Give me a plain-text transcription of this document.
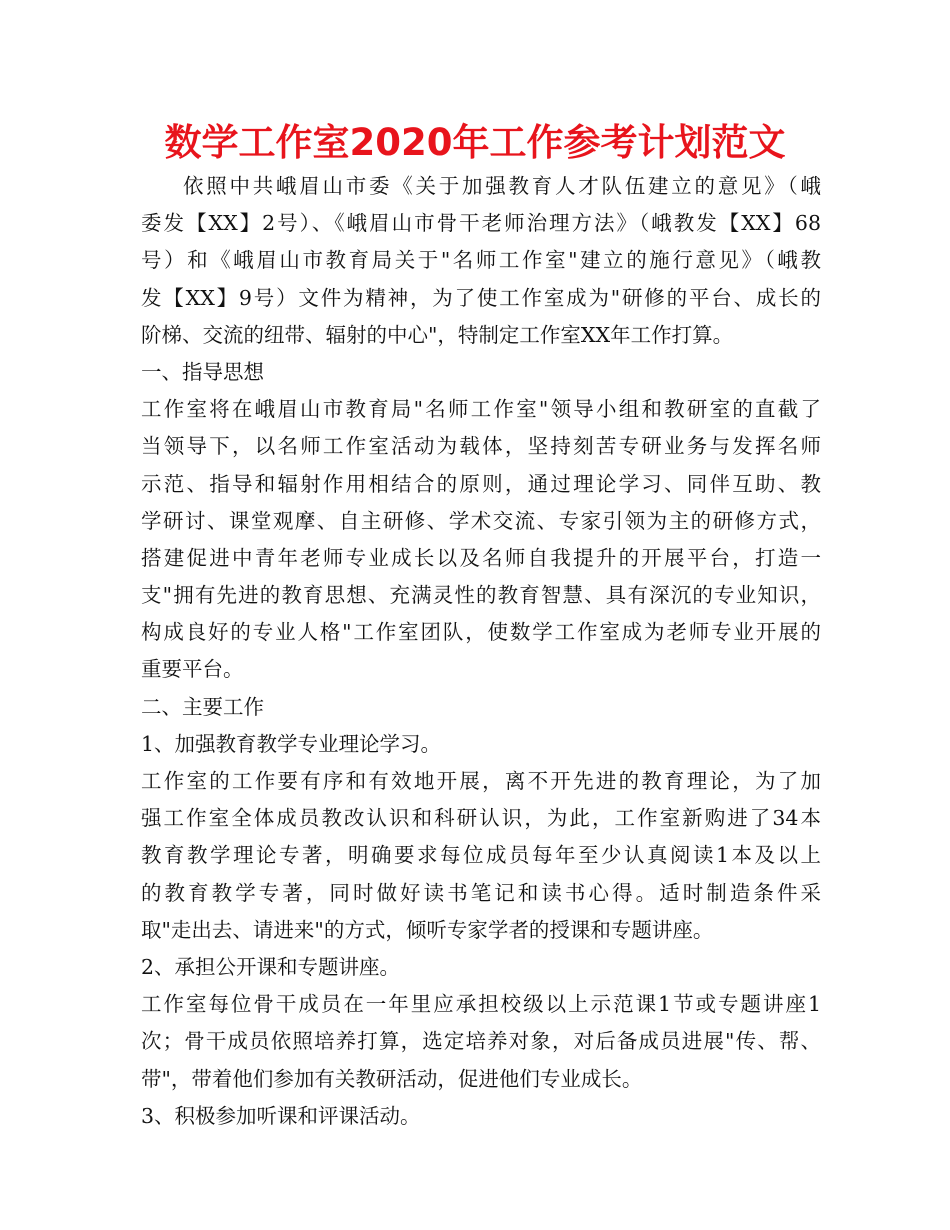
数学工作室2020年工作参考计划范文
依照中共峨眉山市委《关于加强教育人才队伍建立的意见》（峨
委发【XX】2号）、《峨眉山市骨干老师治理方法》（峨教发【XX】68
号）和《峨眉山市教育局关于"名师工作室"建立的施行意见》（峨教
发【XX】9号）文件为精神，为了使工作室成为"研修的平台、成长的
阶梯、交流的纽带、辐射的中心"，特制定工作室XX年工作打算。
一、指导思想
工作室将在峨眉山市教育局"名师工作室"领导小组和教研室的直截了
当领导下，以名师工作室活动为载体，坚持刻苦专研业务与发挥名师
示范、指导和辐射作用相结合的原则，通过理论学习、同伴互助、教
学研讨、课堂观摩、自主研修、学术交流、专家引领为主的研修方式，
搭建促进中青年老师专业成长以及名师自我提升的开展平台，打造一
支"拥有先进的教育思想、充满灵性的教育智慧、具有深沉的专业知识，
构成良好的专业人格"工作室团队，使数学工作室成为老师专业开展的
重要平台。
二、主要工作
1、加强教育教学专业理论学习。
工作室的工作要有序和有效地开展，离不开先进的教育理论，为了加
强工作室全体成员教改认识和科研认识，为此，工作室新购进了34本
教育教学理论专著，明确要求每位成员每年至少认真阅读1本及以上
的教育教学专著，同时做好读书笔记和读书心得。适时制造条件采
取"走出去、请进来"的方式，倾听专家学者的授课和专题讲座。
2、承担公开课和专题讲座。
工作室每位骨干成员在一年里应承担校级以上示范课1节或专题讲座1
次；骨干成员依照培养打算，选定培养对象，对后备成员进展"传、帮、
带"，带着他们参加有关教研活动，促进他们专业成长。
3、积极参加听课和评课活动。
